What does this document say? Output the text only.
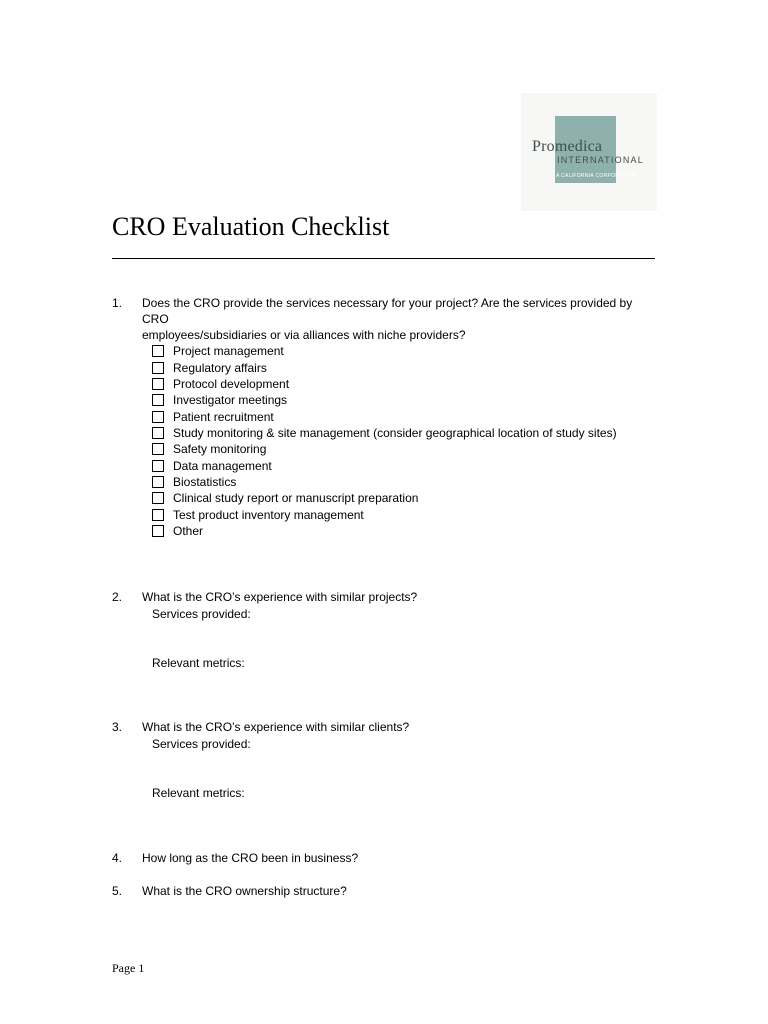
Promedica
INTERNATIONAL
A CALIFORNIA CORPORATION
CRO Evaluation Checklist
1. Does the CRO provide the services necessary for your project? Are the services provided by CRO
employees/subsidiaries or via alliances with niche providers?
Project management
Regulatory affairs
Protocol development
Investigator meetings
Patient recruitment
Study monitoring & site management (consider geographical location of study sites)
Safety monitoring
Data management
Biostatistics
Clinical study report or manuscript preparation
Test product inventory management
Other
2. What is the CRO’s experience with similar projects?
Services provided:
Relevant metrics:
3. What is the CRO’s experience with similar clients?
Services provided:
Relevant metrics:
4. How long as the CRO been in business?
5. What is the CRO ownership structure?
Page 1
